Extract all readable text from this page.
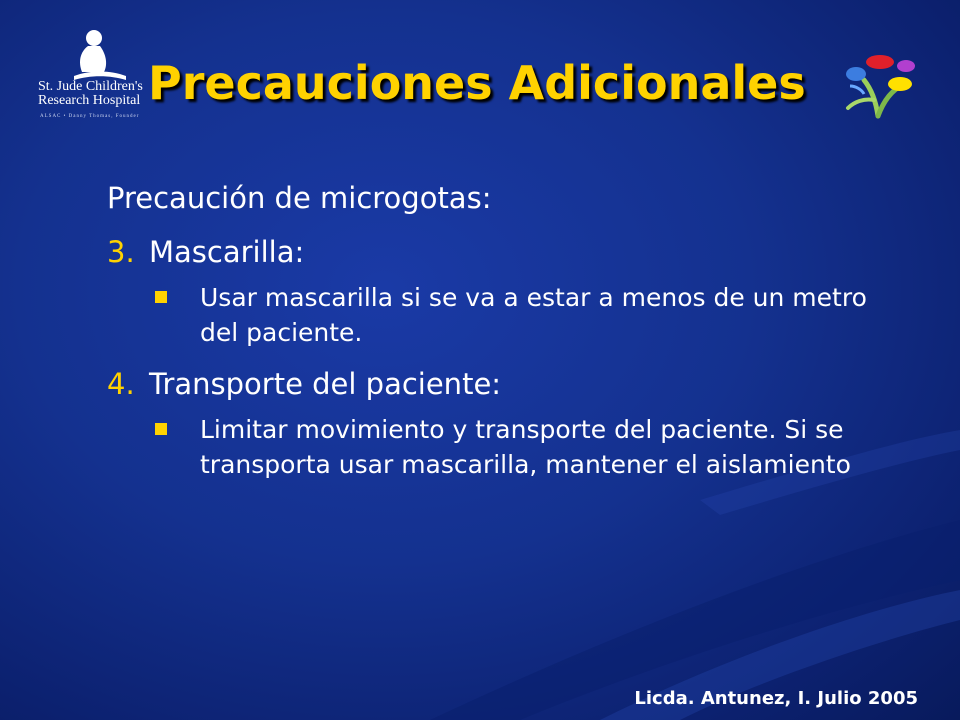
St. Jude Children's
Research Hospital
ALSAC • Danny Thomas, Founder
Precauciones Adicionales
Precaución de microgotas:
3. Mascarilla:
Usar mascarilla si se va a estar a menos de un metro del paciente.
4. Transporte del paciente:
Limitar movimiento y transporte del paciente. Si se transporta usar mascarilla, mantener el aislamiento
Licda. Antunez, I. Julio 2005
